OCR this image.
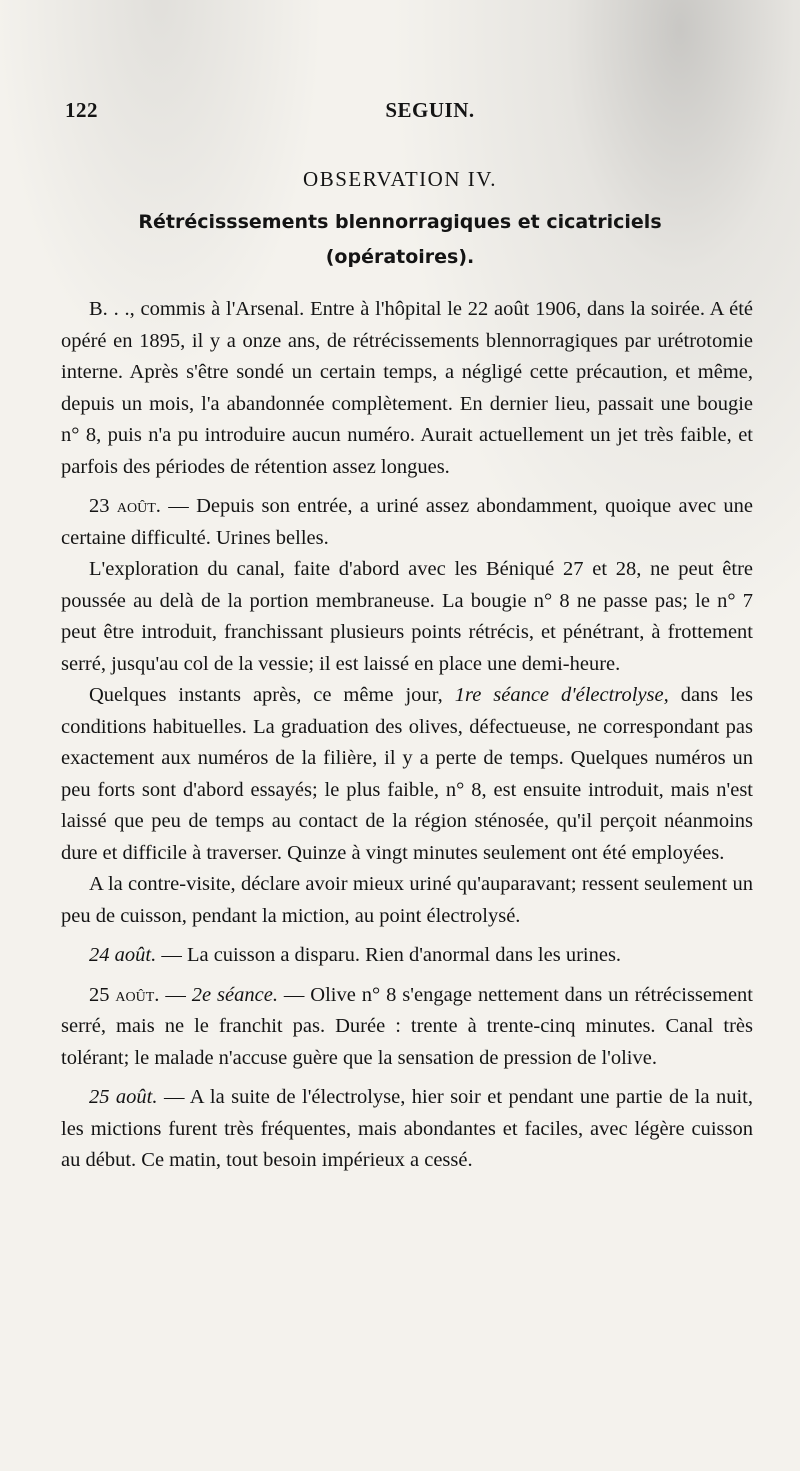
122	SEGUIN.
OBSERVATION IV.
Rétrécisssements blennorragiques et cicatriciels
(opératoires).

B. . ., commis à l'Arsenal. Entre à l'hôpital le 22 août 1906, dans la soirée. A été opéré en 1895, il y a onze ans, de rétrécissements blennorragiques par urétrotomie interne. Après s'être sondé un certain temps, a négligé cette précaution, et même, depuis un mois, l'a abandonnée complètement. En dernier lieu, passait une bougie n° 8, puis n'a pu introduire aucun numéro. Aurait actuellement un jet très faible, et parfois des périodes de rétention assez longues.

23 août. — Depuis son entrée, a uriné assez abondamment, quoique avec une certaine difficulté. Urines belles.

L'exploration du canal, faite d'abord avec les Béniqué 27 et 28, ne peut être poussée au delà de la portion membraneuse. La bougie n° 8 ne passe pas; le n° 7 peut être introduit, franchissant plusieurs points rétrécis, et pénétrant, à frottement serré, jusqu'au col de la vessie; il est laissé en place une demi-heure.

Quelques instants après, ce même jour, 1re séance d'électrolyse, dans les conditions habituelles. La graduation des olives, défectueuse, ne correspondant pas exactement aux numéros de la filière, il y a perte de temps. Quelques numéros un peu forts sont d'abord essayés; le plus faible, n° 8, est ensuite introduit, mais n'est laissé que peu de temps au contact de la région sténosée, qu'il perçoit néanmoins dure et difficile à traverser. Quinze à vingt minutes seulement ont été employées.

A la contre-visite, déclare avoir mieux uriné qu'auparavant; ressent seulement un peu de cuisson, pendant la miction, au point électrolysé.

24 août. — La cuisson a disparu. Rien d'anormal dans les urines.

25 août. — 2e séance. — Olive n° 8 s'engage nettement dans un rétrécissement serré, mais ne le franchit pas. Durée : trente à trente-cinq minutes. Canal très tolérant; le malade n'accuse guère que la sensation de pression de l'olive.

25 août. — A la suite de l'électrolyse, hier soir et pendant une partie de la nuit, les mictions furent très fréquentes, mais abondantes et faciles, avec légère cuisson au début. Ce matin, tout besoin impérieux a cessé.
